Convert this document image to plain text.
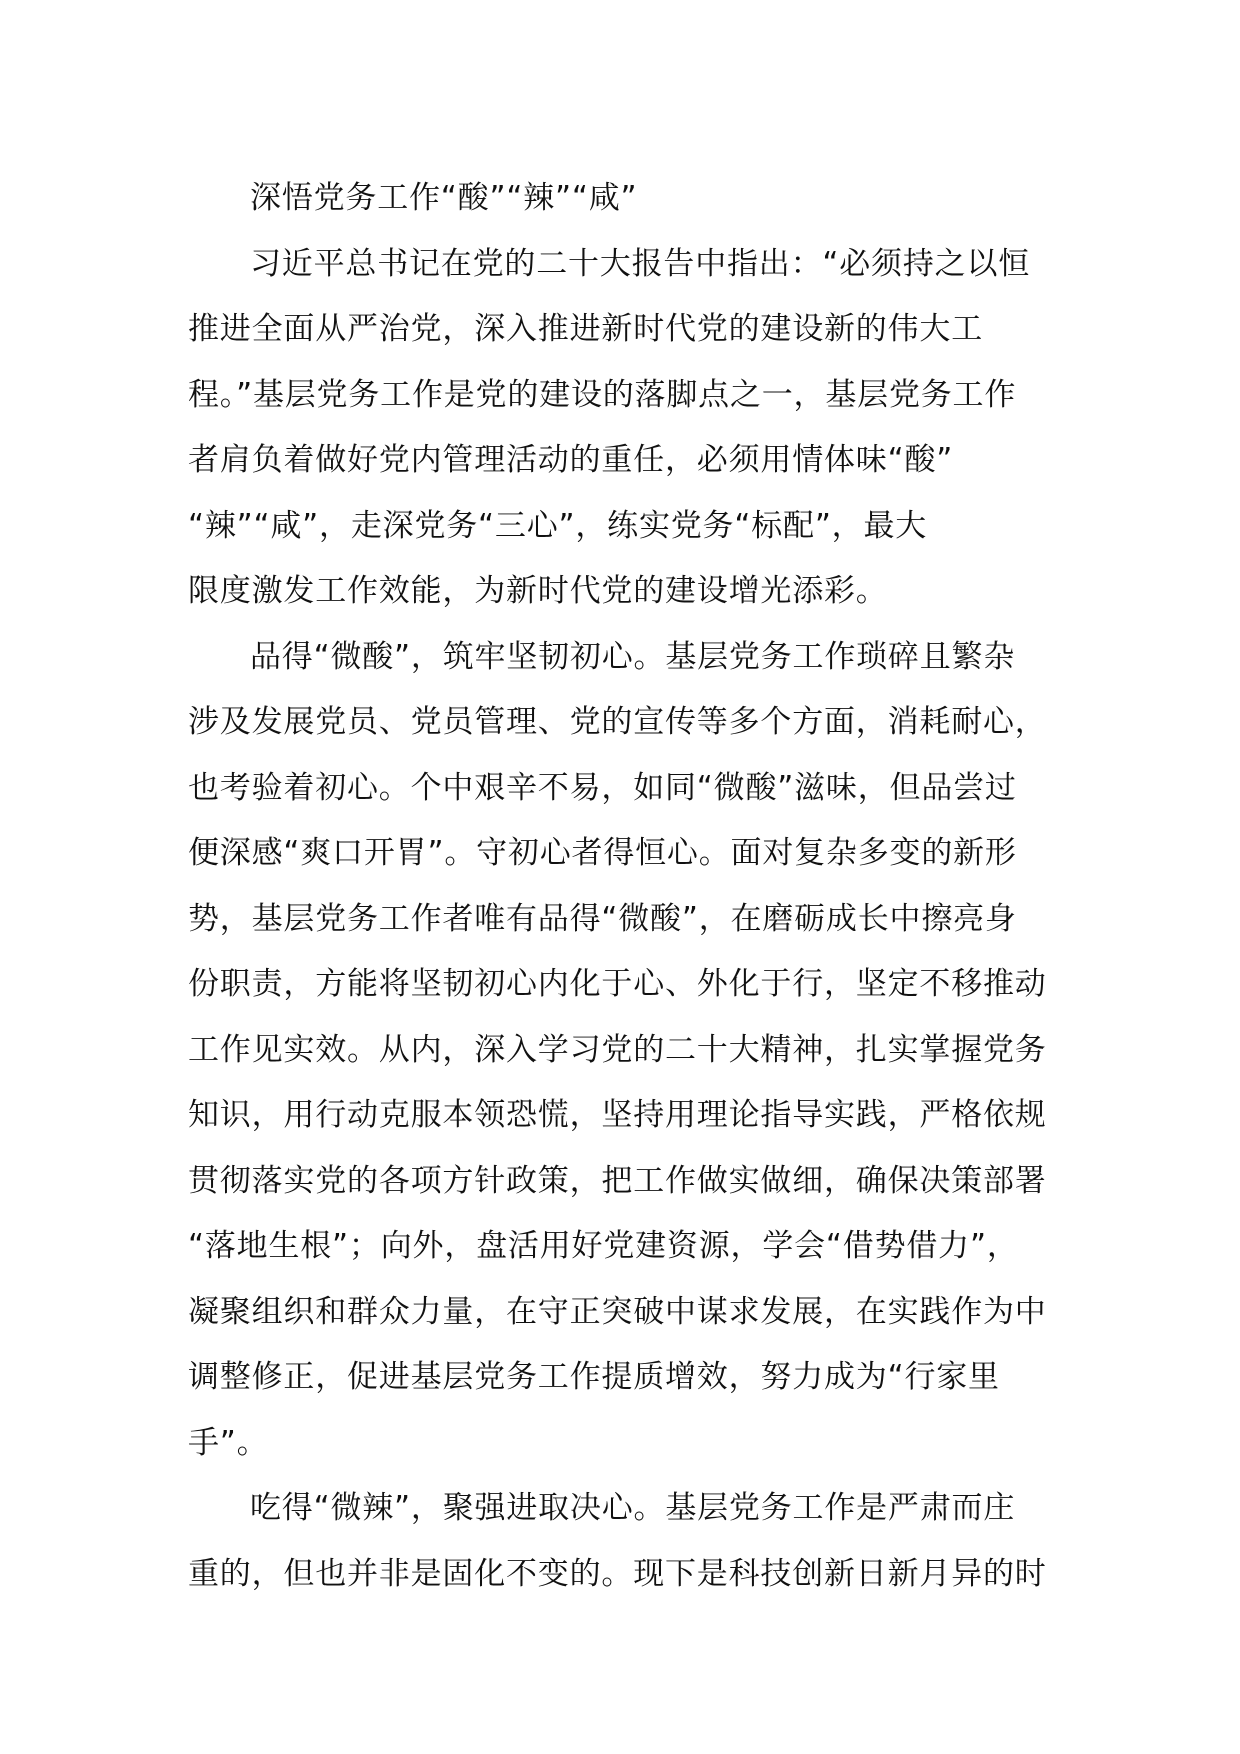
深悟党务工作“酸”“辣”“咸”
习近平总书记在党的二十大报告中指出：“必须持之以恒
推进全面从严治党，深入推进新时代党的建设新的伟大工
程。”基层党务工作是党的建设的落脚点之一，基层党务工作
者肩负着做好党内管理活动的重任，必须用情体味“酸”
“辣”“咸”，走深党务“三心”，练实党务“标配”，最大
限度激发工作效能，为新时代党的建设增光添彩。
品得“微酸”，筑牢坚韧初心。基层党务工作琐碎且繁杂
涉及发展党员、党员管理、党的宣传等多个方面，消耗耐心，
也考验着初心。个中艰辛不易，如同“微酸”滋味，但品尝过
便深感“爽口开胃”。守初心者得恒心。面对复杂多变的新形
势，基层党务工作者唯有品得“微酸”，在磨砺成长中擦亮身
份职责，方能将坚韧初心内化于心、外化于行，坚定不移推动
工作见实效。从内，深入学习党的二十大精神，扎实掌握党务
知识，用行动克服本领恐慌，坚持用理论指导实践，严格依规
贯彻落实党的各项方针政策，把工作做实做细，确保决策部署
“落地生根”；向外，盘活用好党建资源，学会“借势借力”，
凝聚组织和群众力量，在守正突破中谋求发展，在实践作为中
调整修正，促进基层党务工作提质增效，努力成为“行家里
手”。
吃得“微辣”，聚强进取决心。基层党务工作是严肃而庄
重的，但也并非是固化不变的。现下是科技创新日新月异的时
